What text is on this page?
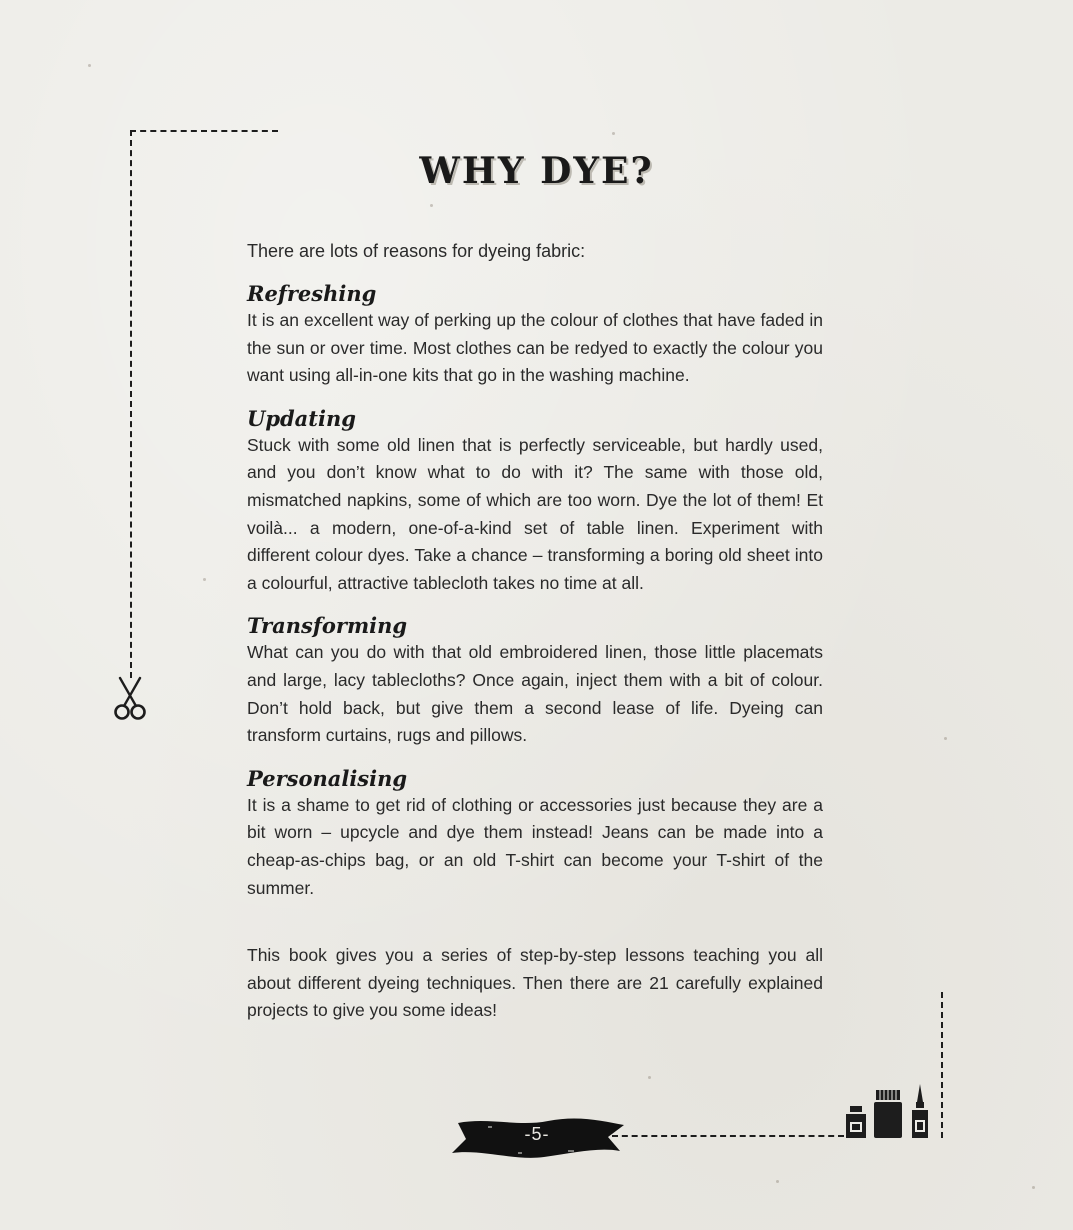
WHY DYE?

There are lots of reasons for dyeing fabric:

Refreshing

It is an excellent way of perking up the colour of clothes that have faded in the sun or over time. Most clothes can be redyed to exactly the colour you want using all-in-one kits that go in the washing machine.

Updating

Stuck with some old linen that is perfectly serviceable, but hardly used, and you don’t know what to do with it? The same with those old, mismatched napkins, some of which are too worn. Dye the lot of them! Et voilà... a modern, one-of-a-kind set of table linen. Experiment with different colour dyes. Take a chance – transforming a boring old sheet into a colourful, attractive tablecloth takes no time at all.

Transforming

What can you do with that old embroidered linen, those little placemats and large, lacy tablecloths? Once again, inject them with a bit of colour. Don’t hold back, but give them a second lease of life. Dyeing can transform curtains, rugs and pillows.

Personalising

It is a shame to get rid of clothing or accessories just because they are a bit worn – upcycle and dye them instead! Jeans can be made into a cheap-as-chips bag, or an old T-shirt can become your T-shirt of the summer.

This book gives you a series of step-by-step lessons teaching you all about different dyeing techniques. Then there are 21 carefully explained projects to give you some ideas!

-5-
